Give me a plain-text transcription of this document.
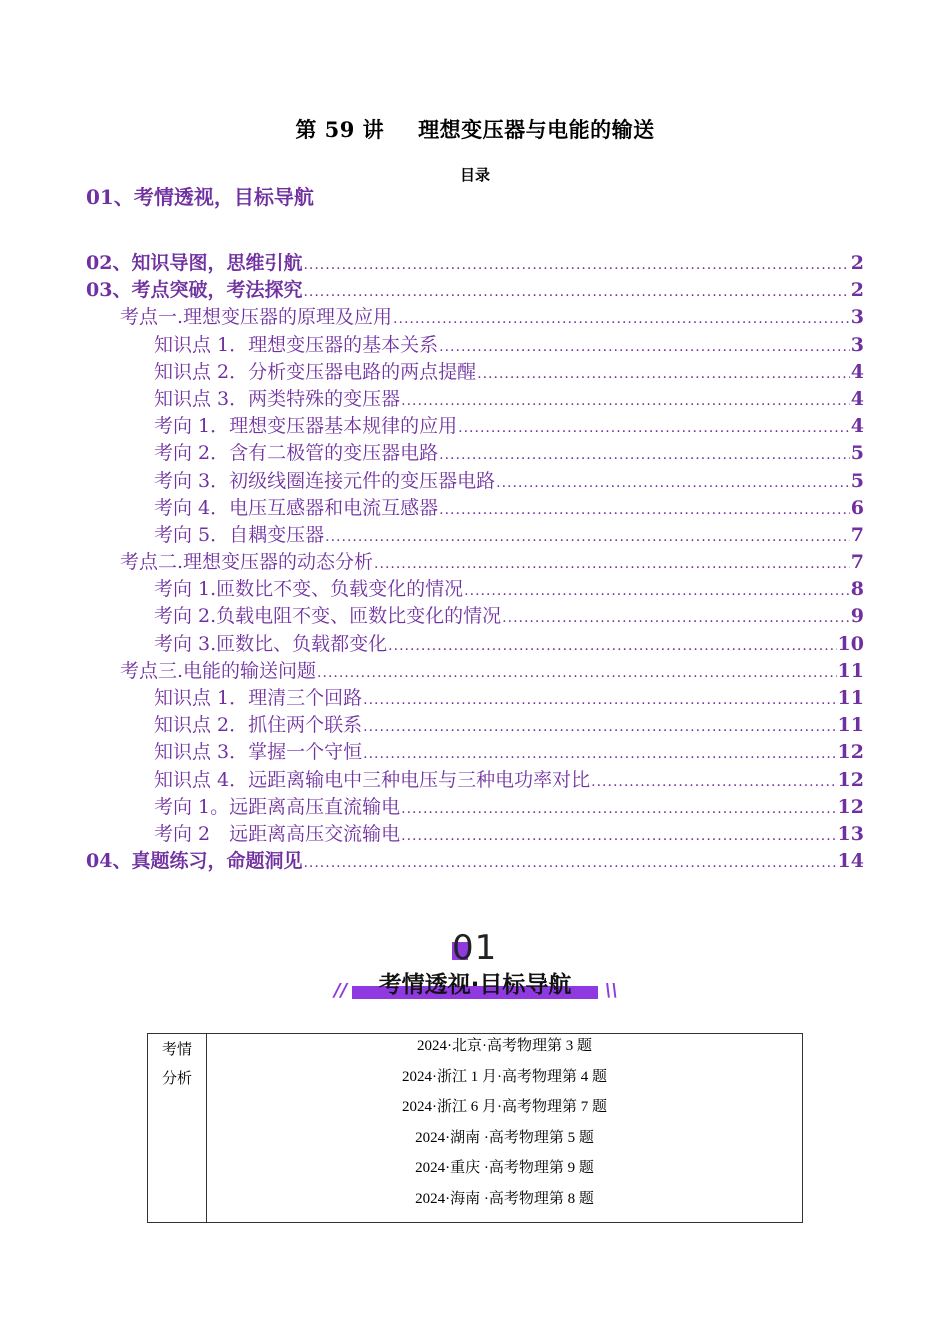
第 59 讲 理想变压器与电能的输送
目录
01、考情透视，目标导航
02、知识导图，思维引航 .....	2
03、考点突破，考法探究 .....	2
考点一.理想变压器的原理及应用 .....	3
知识点 1．理想变压器的基本关系 .....	3
知识点 2．分析变压器电路的两点提醒 .....	4
知识点 3．两类特殊的变压器 .....	4
考向 1．理想变压器基本规律的应用 .....	4
考向 2．含有二极管的变压器电路 .....	5
考向 3．初级线圈连接元件的变压器电路 .....	5
考向 4．电压互感器和电流互感器 .....	6
考向 5．自耦变压器 .....	7
考点二.理想变压器的动态分析 .....	7
考向 1.匝数比不变、负载变化的情况 .....	8
考向 2.负载电阻不变、匝数比变化的情况 .....	9
考向 3.匝数比、负载都变化 .....	10
考点三.电能的输送问题 .....	11
知识点 1．理清三个回路 .....	11
知识点 2．抓住两个联系 .....	11
知识点 3．掌握一个守恒 .....	12
知识点 4．远距离输电中三种电压与三种电功率对比 .....	12
考向 1。远距离高压直流输电 .....	12
考向 2　远距离高压交流输电 .....	13
04、真题练习，命题洞见 .....	14
01
//	考情透视·目标导航	\\
考情
分析

2024·北京·高考物理第 3 题
2024·浙江 1 月·高考物理第 4 题
2024·浙江 6 月·高考物理第 7 题
2024·湖南 ·高考物理第 5 题
2024·重庆 ·高考物理第 9 题
2024·海南 ·高考物理第 8 题
